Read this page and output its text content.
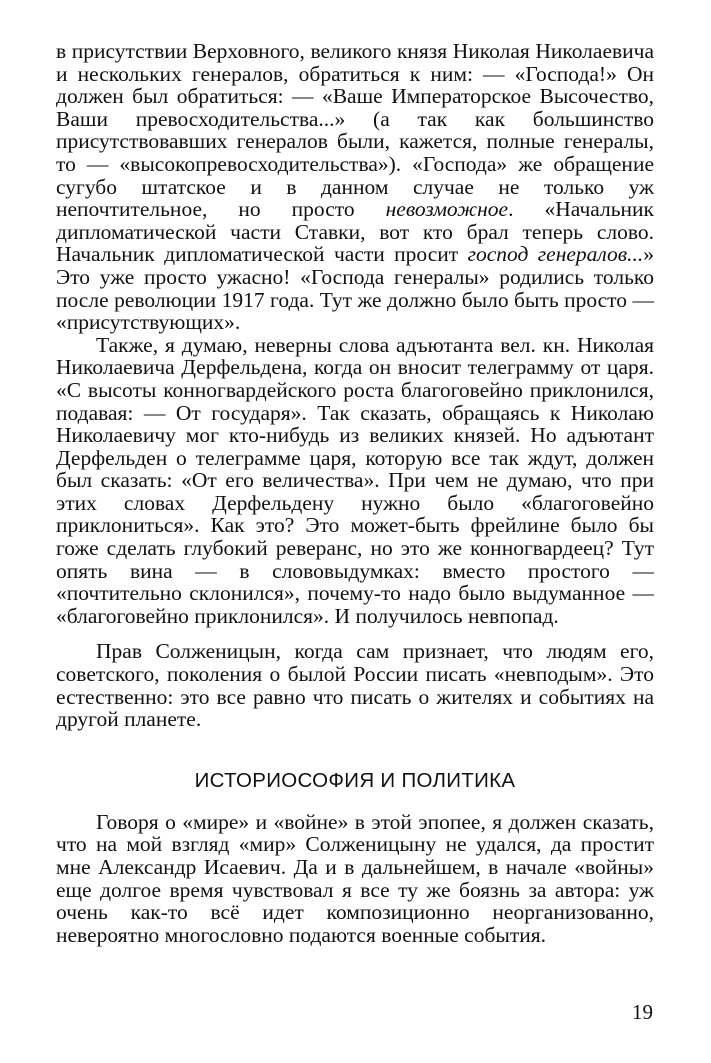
в присутствии Верховного, великого князя Николая Николаевича и нескольких генералов, обратиться к ним: — «Господа!» Он должен был обратиться: — «Ваше Императорское Высочество, Ваши превосходительства...» (а так как большинство присутствовавших генералов были, кажется, полные генералы, то — «высокопревосходительства»). «Господа» же обращение сугубо штатское и в данном случае не только уж непочтительное, но просто невозможное. «Начальник дипломатической части Ставки, вот кто брал теперь слово. Начальник дипломатической части просит господ генералов...» Это уже просто ужасно! «Господа генералы» родились только после революции 1917 года. Тут же должно было быть просто — «присутствующих».

Также, я думаю, неверны слова адъютанта вел. кн. Николая Николаевича Дерфельдена, когда он вносит телеграмму от царя. «С высоты конногвардейского роста благоговейно приклонился, подавая: — От государя». Так сказать, обращаясь к Николаю Николаевичу мог кто-нибудь из великих князей. Но адъютант Дерфельден о телеграмме царя, которую все так ждут, должен был сказать: «От его величества». При чем не думаю, что при этих словах Дерфельдену нужно было «благоговейно приклониться». Как это? Это может-быть фрейлине было бы гоже сделать глубокий реверанс, но это же конногвардеец? Тут опять вина — в слововыдумках: вместо простого — «почтительно склонился», почему-то надо было выдуманное — «благоговейно приклонился». И получилось невпопад.

Прав Солженицын, когда сам признает, что людям его, советского, поколения о былой России писать «невподым». Это естественно: это все равно что писать о жителях и событиях на другой планете.

ИСТОРИОСОФИЯ И ПОЛИТИКА

Говоря о «мире» и «войне» в этой эпопее, я должен сказать, что на мой взгляд «мир» Солженицыну не удался, да простит мне Александр Исаевич. Да и в дальнейшем, в начале «войны» еще долгое время чувствовал я все ту же боязнь за автора: уж очень как-то всё идет композиционно неорганизованно, невероятно многословно подаются военные события.

19
